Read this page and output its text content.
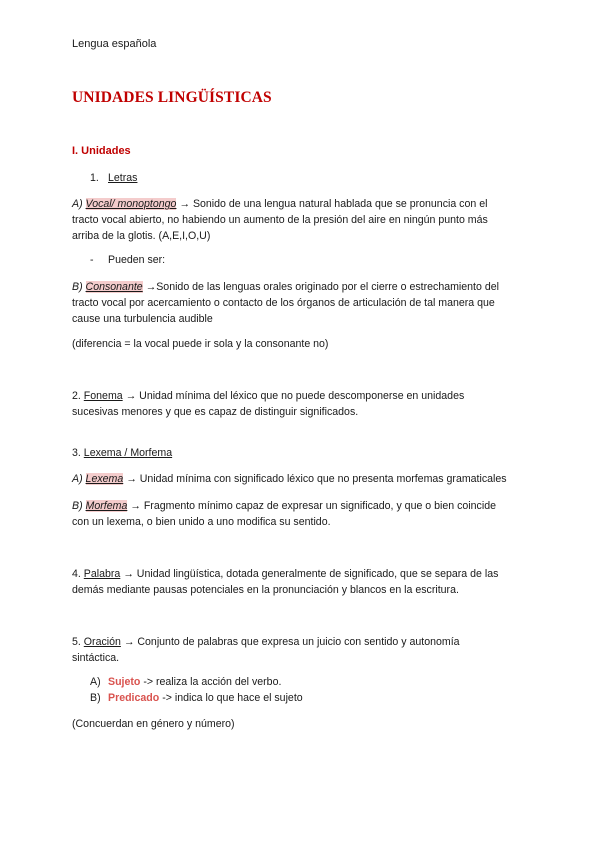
Lengua española
UNIDADES LINGÜÍSTICAS
I. Unidades
1. Letras
A) Vocal/ monoptongo → Sonido de una lengua natural hablada que se pronuncia con el
tracto vocal abierto, no habiendo un aumento de la presión del aire en ningún punto más
arriba de la glotis. (A,E,I,O,U)
- Pueden ser:
B) Consonante →Sonido de las lenguas orales originado por el cierre o estrechamiento del
tracto vocal por acercamiento o contacto de los órganos de articulación de tal manera que
cause una turbulencia audible
(diferencia = la vocal puede ir sola y la consonante no)
2. Fonema → Unidad mínima del léxico que no puede descomponerse en unidades
sucesivas menores y que es capaz de distinguir significados.
3. Lexema / Morfema
A) Lexema → Unidad mínima con significado léxico que no presenta morfemas gramaticales
B) Morfema → Fragmento mínimo capaz de expresar un significado, y que o bien coincide
con un lexema, o bien unido a uno modifica su sentido.
4. Palabra → Unidad lingüística, dotada generalmente de significado, que se separa de las
demás mediante pausas potenciales en la pronunciación y blancos en la escritura.
5. Oración → Conjunto de palabras que expresa un juicio con sentido y autonomía
sintáctica.
A) Sujeto -> realiza la acción del verbo.
B) Predicado -> indica lo que hace el sujeto
(Concuerdan en género y número)
